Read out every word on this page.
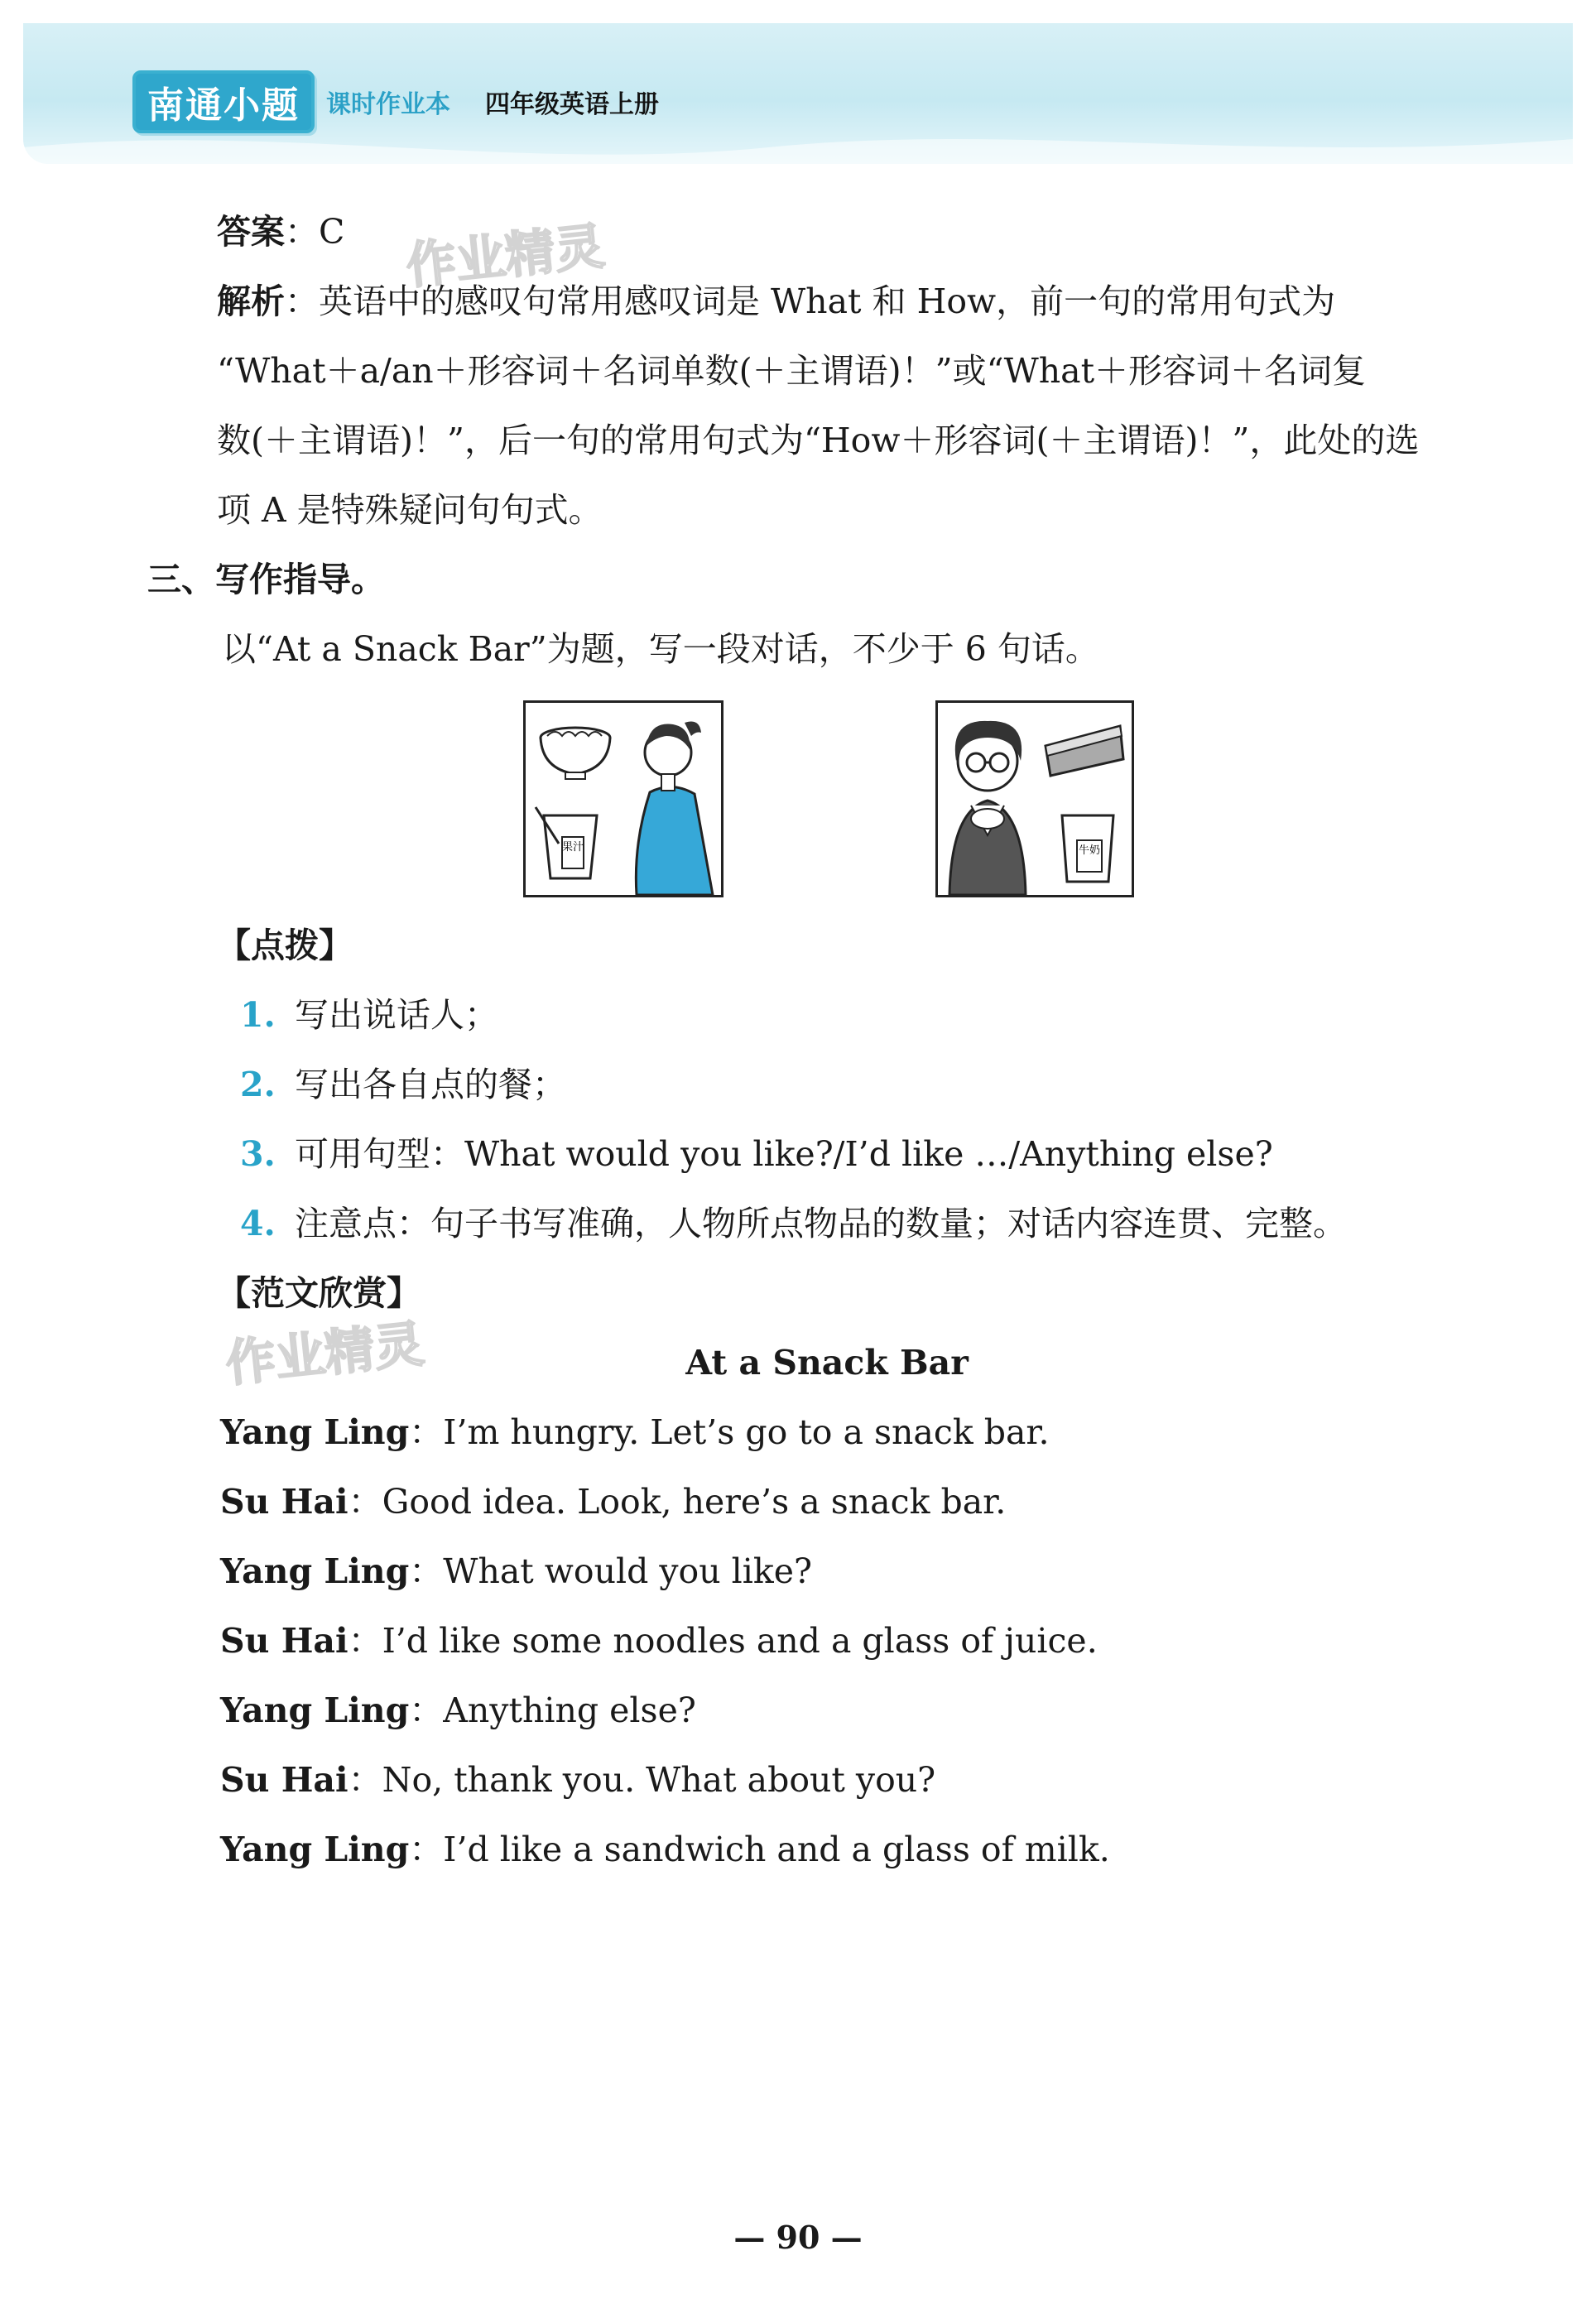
南通小题	课时作业本 四年级英语上册
作业精灵
作业精灵
答案：C
解析：英语中的感叹句常用感叹词是 What 和 How，前一句的常用句式为
“What＋a/an＋形容词＋名词单数(＋主谓语)！”或“What＋形容词＋名词复
数(＋主谓语)！”，后一句的常用句式为“How＋形容词(＋主谓语)！”，此处的选
项 A 是特殊疑问句句式。
三、写作指导。
以“At a Snack Bar”为题，写一段对话，不少于 6 句话。
果汁	牛奶
【点拨】
1. 写出说话人；
2. 写出各自点的餐；
3. 可用句型：What would you like?/I’d like …/Anything else?
4. 注意点：句子书写准确，人物所点物品的数量；对话内容连贯、完整。
【范文欣赏】
At a Snack Bar
Yang Ling：I’m hungry. Let’s go to a snack bar.
Su Hai：Good idea. Look, here’s a snack bar.
Yang Ling：What would you like?
Su Hai：I’d like some noodles and a glass of juice.
Yang Ling：Anything else?
Su Hai：No, thank you. What about you?
Yang Ling：I’d like a sandwich and a glass of milk.
— 90 —
